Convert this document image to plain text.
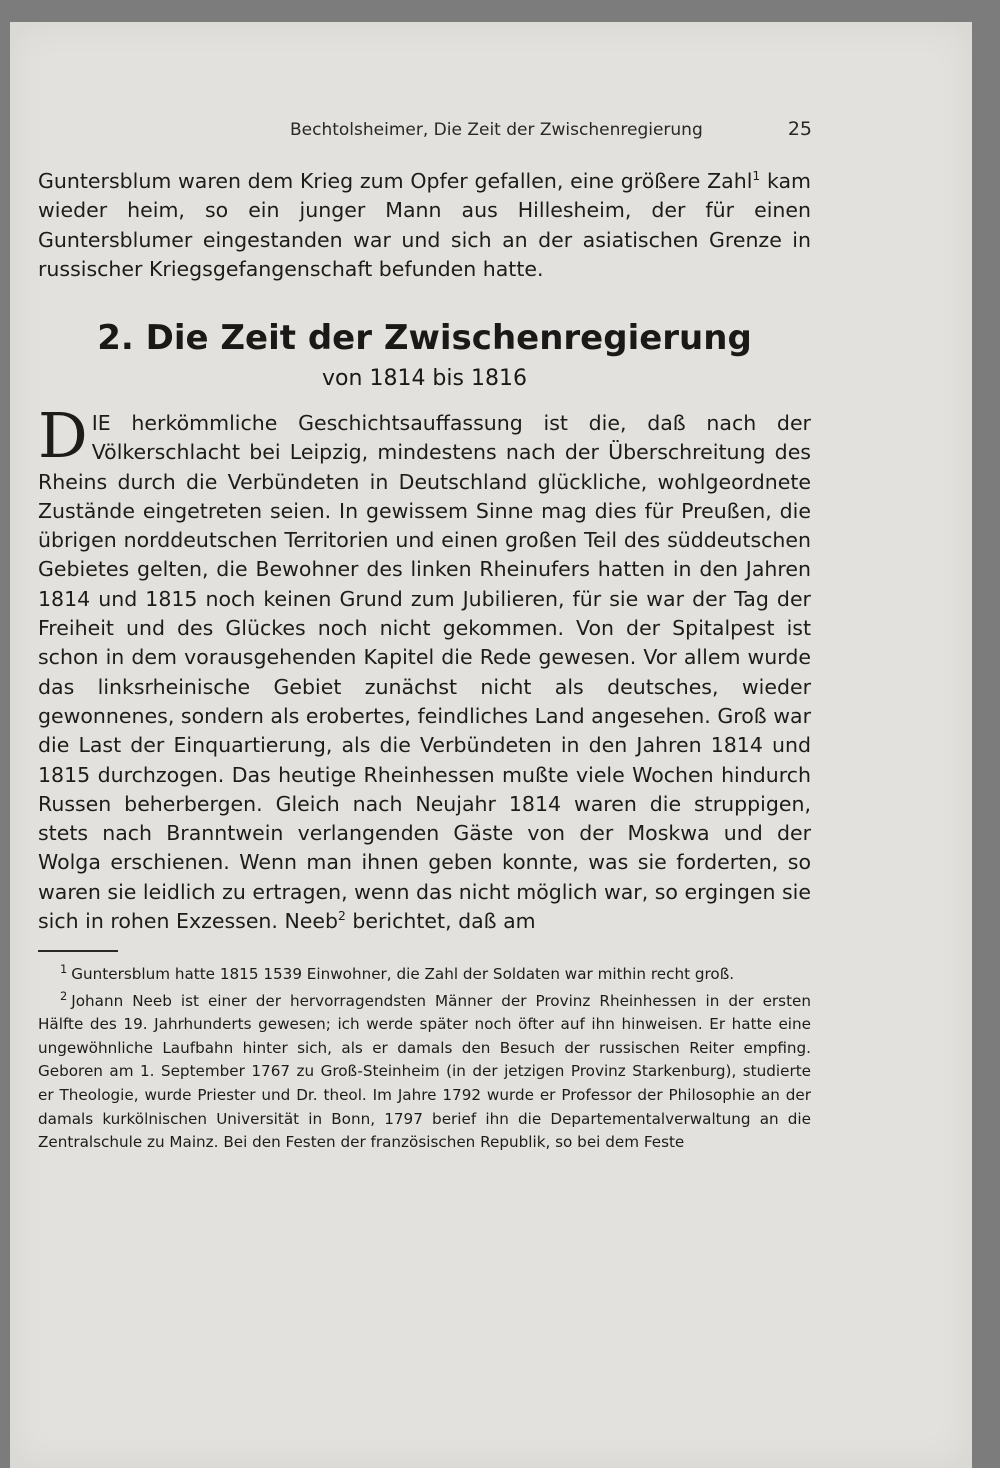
Bechtolsheimer, Die Zeit der Zwischenregierung	25

Guntersblum waren dem Krieg zum Opfer gefallen, eine größere Zahl$^1$ kam wieder heim, so ein junger Mann aus Hillesheim, der für einen Guntersblumer eingestanden war und sich an der asiatischen Grenze in russischer Kriegsgefangenschaft befunden hatte.

2. Die Zeit der Zwischenregierung
von 1814 bis 1816

DIE herkömmliche Geschichtsauffassung ist die, daß nach der Völkerschlacht bei Leipzig, mindestens nach der Überschreitung des Rheins durch die Verbündeten in Deutschland glückliche, wohlgeordnete Zustände eingetreten seien. In gewissem Sinne mag dies für Preußen, die übrigen norddeutschen Territorien und einen großen Teil des süddeutschen Gebietes gelten, die Bewohner des linken Rheinufers hatten in den Jahren 1814 und 1815 noch keinen Grund zum Jubilieren, für sie war der Tag der Freiheit und des Glückes noch nicht gekommen. Von der Spitalpest ist schon in dem vorausgehenden Kapitel die Rede gewesen. Vor allem wurde das linksrheinische Gebiet zunächst nicht als deutsches, wieder gewonnenes, sondern als erobertes, feindliches Land angesehen. Groß war die Last der Einquartierung, als die Verbündeten in den Jahren 1814 und 1815 durchzogen. Das heutige Rheinhessen mußte viele Wochen hindurch Russen beherbergen. Gleich nach Neujahr 1814 waren die struppigen, stets nach Branntwein verlangenden Gäste von der Moskwa und der Wolga erschienen. Wenn man ihnen geben konnte, was sie forderten, so waren sie leidlich zu ertragen, wenn das nicht möglich war, so ergingen sie sich in rohen Exzessen. Neeb$^2$ berichtet, daß am

$^1$ Guntersblum hatte 1815 1539 Einwohner, die Zahl der Soldaten war mithin recht groß.

$^2$ Johann Neeb ist einer der hervorragendsten Männer der Provinz Rheinhessen in der ersten Hälfte des 19. Jahrhunderts gewesen; ich werde später noch öfter auf ihn hinweisen. Er hatte eine ungewöhnliche Laufbahn hinter sich, als er damals den Besuch der russischen Reiter empfing. Geboren am 1. September 1767 zu Groß-Steinheim (in der jetzigen Provinz Starkenburg), studierte er Theologie, wurde Priester und Dr. theol. Im Jahre 1792 wurde er Professor der Philosophie an der damals kurkölnischen Universität in Bonn, 1797 berief ihn die Departementalverwaltung an die Zentralschule zu Mainz. Bei den Festen der französischen Republik, so bei dem Feste
